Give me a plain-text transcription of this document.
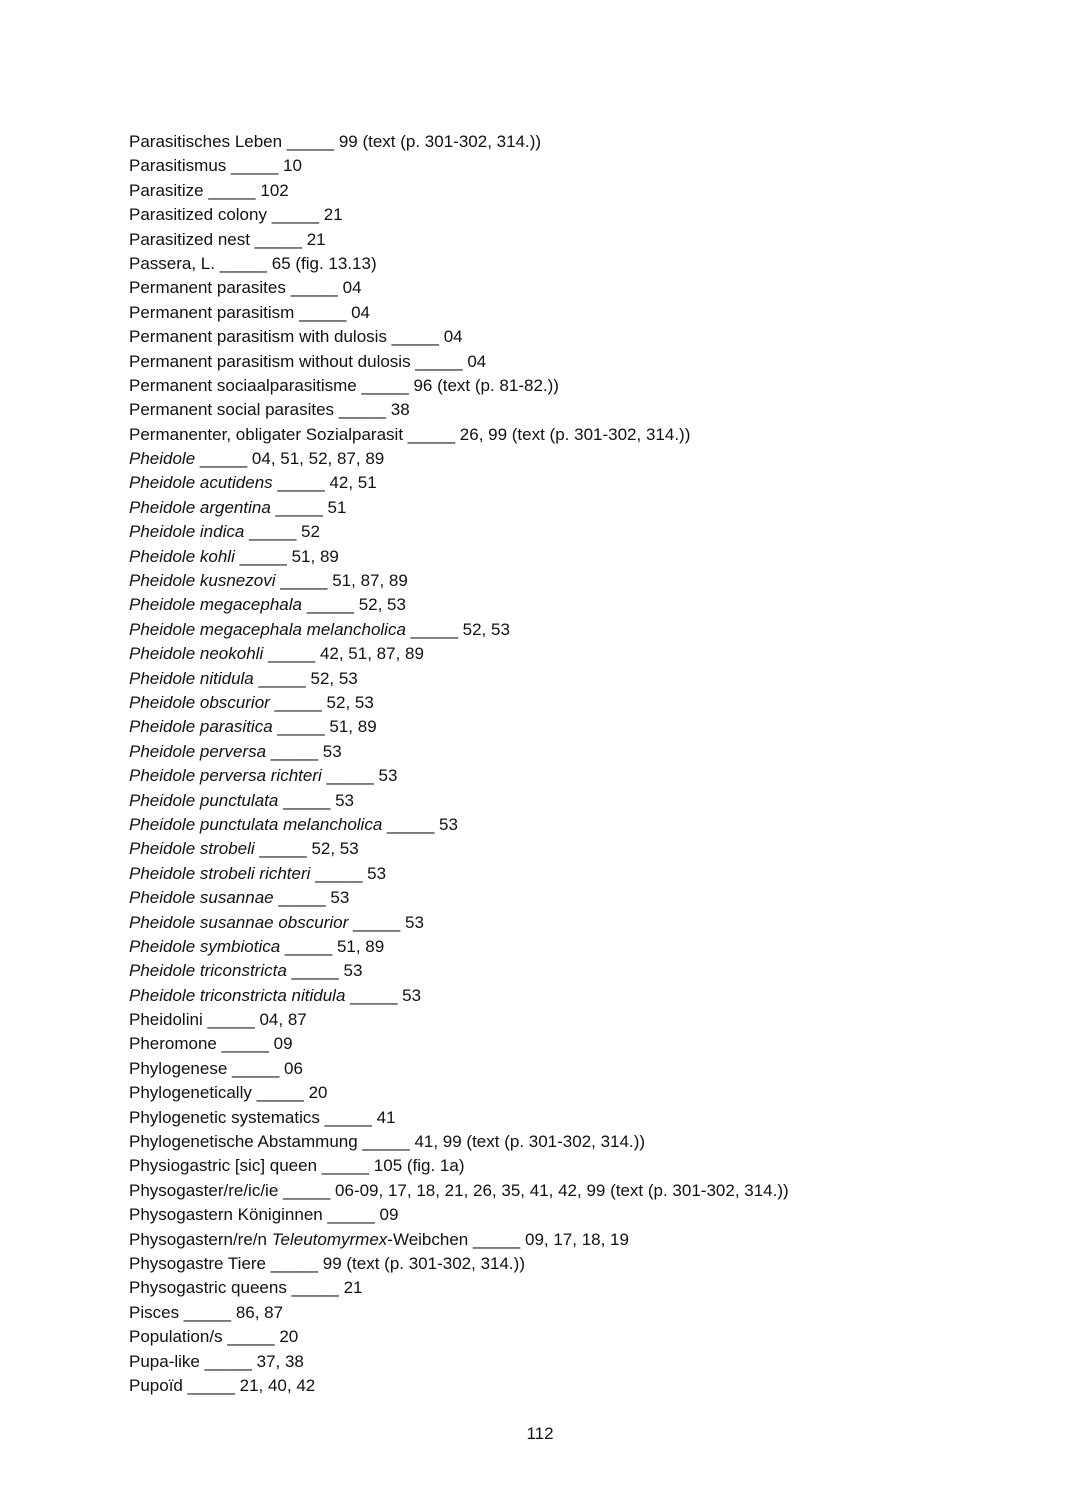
Parasitisches Leben _____ 99 (text (p. 301-302, 314.))
Parasitismus _____ 10
Parasitize _____ 102
Parasitized colony _____ 21
Parasitized nest _____ 21
Passera, L. _____ 65 (fig. 13.13)
Permanent parasites _____ 04
Permanent parasitism _____ 04
Permanent parasitism with dulosis _____ 04
Permanent parasitism without dulosis _____ 04
Permanent sociaalparasitisme _____ 96 (text (p. 81-82.))
Permanent social parasites _____ 38
Permanenter, obligater Sozialparasit _____ 26, 99 (text (p. 301-302, 314.))
Pheidole _____ 04, 51, 52, 87, 89
Pheidole acutidens _____ 42, 51
Pheidole argentina _____ 51
Pheidole indica _____ 52
Pheidole kohli _____ 51, 89
Pheidole kusnezovi _____ 51, 87, 89
Pheidole megacephala _____ 52, 53
Pheidole megacephala melancholica _____ 52, 53
Pheidole neokohli _____ 42, 51, 87, 89
Pheidole nitidula _____ 52, 53
Pheidole obscurior _____ 52, 53
Pheidole parasitica _____ 51, 89
Pheidole perversa _____ 53
Pheidole perversa richteri _____ 53
Pheidole punctulata _____ 53
Pheidole punctulata melancholica _____ 53
Pheidole strobeli _____ 52, 53
Pheidole strobeli richteri _____ 53
Pheidole susannae _____ 53
Pheidole susannae obscurior _____ 53
Pheidole symbiotica _____ 51, 89
Pheidole triconstricta _____ 53
Pheidole triconstricta nitidula _____ 53
Pheidolini _____ 04, 87
Pheromone _____ 09
Phylogenese _____ 06
Phylogenetically _____ 20
Phylogenetic systematics _____ 41
Phylogenetische Abstammung _____ 41, 99 (text (p. 301-302, 314.))
Physiogastric [sic] queen _____ 105 (fig. 1a)
Physogaster/re/ic/ie _____ 06-09, 17, 18, 21, 26, 35, 41, 42, 99 (text (p. 301-302, 314.))
Physogastern Königinnen _____ 09
Physogastern/re/n Teleutomyrmex-Weibchen _____ 09, 17, 18, 19
Physogastre Tiere _____ 99 (text (p. 301-302, 314.))
Physogastric queens _____ 21
Pisces _____ 86, 87
Population/s _____ 20
Pupa-like _____ 37, 38
Pupoïd _____ 21, 40, 42
112
